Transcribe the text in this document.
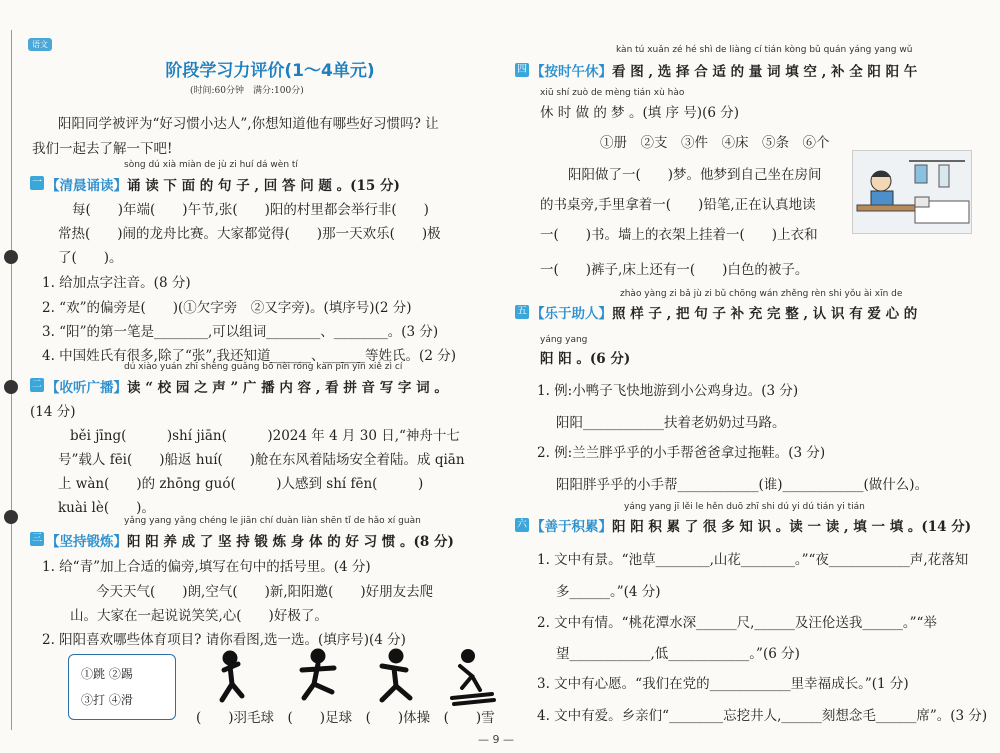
语文
阶段学习力评价(1～4单元)
(时间:60分钟　满分:100分)
阳阳同学被评为“好习惯小达人”,你想知道他有哪些好习惯吗? 让
我们一起去了解一下吧!
sòng dú xià miàn de jù zi huí dá wèn tí
一 【清晨诵读】诵 读 下 面 的 句 子 , 回 答 问 题 。(15 分)
每(　　)年端(　　)午节,张(　　)阳的村里都会举行非(　　)
常热(　　)闹的龙舟比赛。大家都觉得(　　)那一天欢乐(　　)极
了(　　)。
1. 给加点字注音。(8 分)
2. “欢”的偏旁是(　　)(①欠字旁　②又字旁)。(填序号)(2 分)
3. “阳”的第一笔是________,可以组词________、________。(3 分)
4. 中国姓氏有很多,除了“张”,我还知道______、______等姓氏。(2 分)
dú xiào yuán zhī shēng guǎng bō nèi róng kàn pīn yīn xiě zì cí
二 【收听广播】读 “ 校 园 之 声 ” 广 播 内 容 , 看 拼 音 写 字 词 。
(14 分)
běi jīng(　　　)shí jiān(　　　)2024 年 4 月 30 日,“神舟十七
号”载人 fēi(　　)船返 huí(　　)舱在东风着陆场安全着陆。成 qiān
上 wàn(　　)的 zhōng guó(　　　)人感到 shí fēn(　　　)
kuài lè(　　)。
yǎng yang yǎng chéng le jiān chí duàn liàn shēn tǐ de hǎo xí guàn
三 【坚持锻炼】阳 阳 养 成 了 坚 持 锻 炼 身 体 的 好 习 惯 。(8 分)
1. 给“青”加上合适的偏旁,填写在句中的括号里。(4 分)
今天天气(　　)朗,空气(　　)新,阳阳邀(　　)好朋友去爬
山。大家在一起说说笑笑,心(　　)好极了。
2. 阳阳喜欢哪些体育项目? 请你看图,选一选。(填序号)(4 分)
①跳 ②踢
③打 ④滑
(　　)羽毛球　(　　)足球　(　　)体操　(　　)雪
kàn tú xuǎn zé hé shì de liàng cí tián kòng bǔ quán yáng yang wǔ
四 【按时午休】看 图 , 选 择 合 适 的 量 词 填 空 , 补 全 阳 阳 午
xiū shí zuò de mèng tián xù hào
休 时 做 的 梦 。(填 序 号)(6 分)
①册　②支　③件　④床　⑤条　⑥个
阳阳做了一(　　)梦。他梦到自己坐在房间
的书桌旁,手里拿着一(　　)铅笔,正在认真地读
一(　　)书。墙上的衣架上挂着一(　　)上衣和
一(　　)裤子,床上还有一(　　)白色的被子。
zhào yàng zi bǎ jù zi bǔ chōng wán zhěng rèn shi yǒu ài xīn de
五 【乐于助人】照 样 子 , 把 句 子 补 充 完 整 , 认 识 有 爱 心 的
yáng yang
阳 阳 。(6 分)
1. 例:小鸭子飞快地游到小公鸡身边。(3 分)
阳阳____________扶着老奶奶过马路。
2. 例:兰兰胖乎乎的小手帮爸爸拿过拖鞋。(3 分)
阳阳胖乎乎的小手帮____________(谁)____________(做什么)。
yáng yang jī lěi le hěn duō zhī shi dú yi dú tián yi tián
六 【善于积累】阳 阳 积 累 了 很 多 知 识 。读 一 读 , 填 一 填 。(14 分)
1. 文中有景。“池草________,山花________。”“夜____________声,花落知
多______。”(4 分)
2. 文中有情。“桃花潭水深______尺,______及汪伦送我______。”“举
望____________,低____________。”(6 分)
3. 文中有心愿。“我们在党的____________里幸福成长。”(1 分)
4. 文中有爱。乡亲们“________忘挖井人,______刻想念毛______席”。(3 分)
— 9 —
